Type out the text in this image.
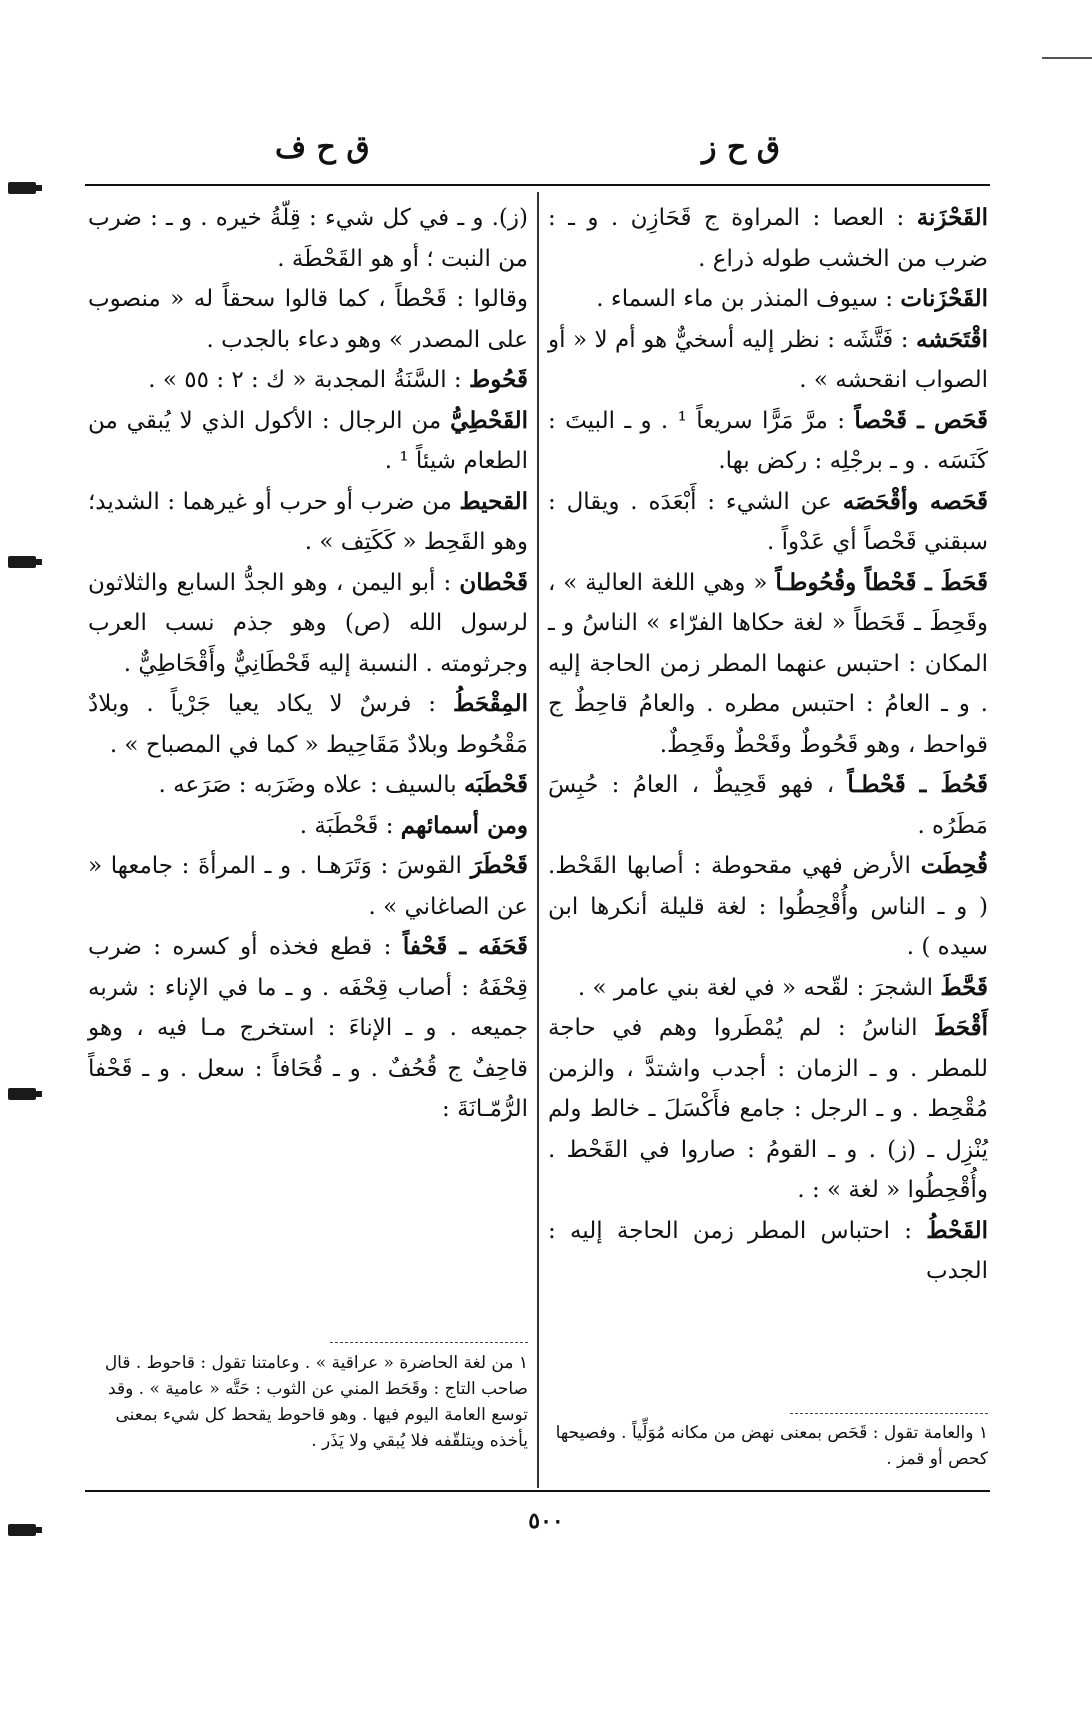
ق ح ز
ق ح ف

القَحْزَنة : العصا : المراوة ج قَحَازِن . و ـ : ضرب من الخشب طوله ذراع .

القَحْزَنات : سيوف المنذر بن ماء السماء .

اقْتَحَشه : فَتَّشَه : نظر إليه أسخيٌّ هو أم لا « أو الصواب انقحشه » .

قَحَص ـ قَحْصاً : مرَّ مَرًّا سريعاً ¹ . و ـ البيتَ : كَنَسَه . و ـ برجْلِه : ركض بها.

قَحَصه وأقْحَصَه عن الشيء : أَبْعَدَه . ويقال : سبقني قَحْصاً أي عَدْواً .

قَحَطَ ـ قَحْطاً وقُحُوطـاً « وهي اللغة العالية » ، وقَحِطَ ـ قَحَطاً « لغة حكاها الفرّاء » الناسُ و ـ المكان : احتبس عنهما المطر زمن الحاجة إليه . و ـ العامُ : احتبس مطره . والعامُ قاحِطٌ ج قواحط ، وهو قَحُوطٌ وقَحْطٌ وقَحِطٌ.

قَحُطَ ـ قَحْطـاً ، فهو قَحِيطٌ ، العامُ : حُبِسَ مَطَرُه .

قُحِطَت الأرض فهي مقحوطة : أصابها القَحْط. ( و ـ الناس وأُقْحِطُوا : لغة قليلة أنكرها ابن سيده ) .

قَحَّطَ الشجرَ : لقّحه « في لغة بني عامر » .

أَقْحَطَ الناسُ : لم يُمْطَروا وهم في حاجة للمطر . و ـ الزمان : أجدب واشتدَّ ، والزمن مُقْحِط . و ـ الرجل : جامع فأَكْسَلَ ـ خالط ولم يُنْزِل ـ (ز) . و ـ القومُ : صاروا في القَحْط . وأُقْحِطُوا « لغة » : .

القَحْطُ : احتباس المطر زمن الحاجة إليه : الجدب

(ز). و ـ في كل شيء : قِلّةُ خيره . و ـ : ضرب من النبت ؛ أو هو القَحْطَة .

وقالوا : قَحْطاً ، كما قالوا سحقاً له « منصوب على المصدر » وهو دعاء بالجدب .

قَحُوط : السَّنَةُ المجدبة « ك : ٢ : ٥٥ » .

القَحْطِيُّ من الرجال : الأكول الذي لا يُبقي من الطعام شيئاً ¹ .

القحيط من ضرب أو حرب أو غيرهما : الشديد؛ وهو القَحِط « كَكَتِف » .

قَحْطان : أبو اليمن ، وهو الجدُّ السابع والثلاثون لرسول الله (ص) وهو جذم نسب العرب وجرثومته . النسبة إليه قَحْطَانِيٌّ وأَقْحَاطِيٌّ .

المِقْحَطُ : فرسٌ لا يكاد يعيا جَرْياً . وبلادٌ مَقْحُوط وبلادٌ مَقَاحِيط « كما في المصباح » .

قَحْطَبَه بالسيف : علاه وضَرَبه : صَرَعه .

ومن أسمائهم : قَحْطَبَة .

قَحْطَرَ القوسَ : وَتَرَهـا . و ـ المرأةَ : جامعها « عن الصاغاني » .

قَحَفَه ـ قَحْفاً : قطع فخذه أو كسره : ضرب قِحْفَهُ : أصاب قِحْفَه . و ـ ما في الإناء : شربه جميعه . و ـ الإناءَ : استخرج مـا فيه ، وهو قاحِفٌ ج قُحُفٌ . و ـ قُحَافاً : سعل . و ـ قَحْفاً الرُّمّـانَةَ :

١ والعامة تقول : قَحَص بمعنى نهض من مكانه مُوَلِّياً . وفصيحها كحص أو قمز .

١ من لغة الحاضرة « عراقية » . وعامتنا تقول : قاحوط . قال صاحب التاج : وقَحَط المني عن الثوب : حَتَّه « عامية » . وقد توسع العامة اليوم فيها . وهو قاحوط يقحط كل شيء بمعنى يأخذه ويتلقّفه فلا يُبقي ولا يَذَر .

٥٠٠
